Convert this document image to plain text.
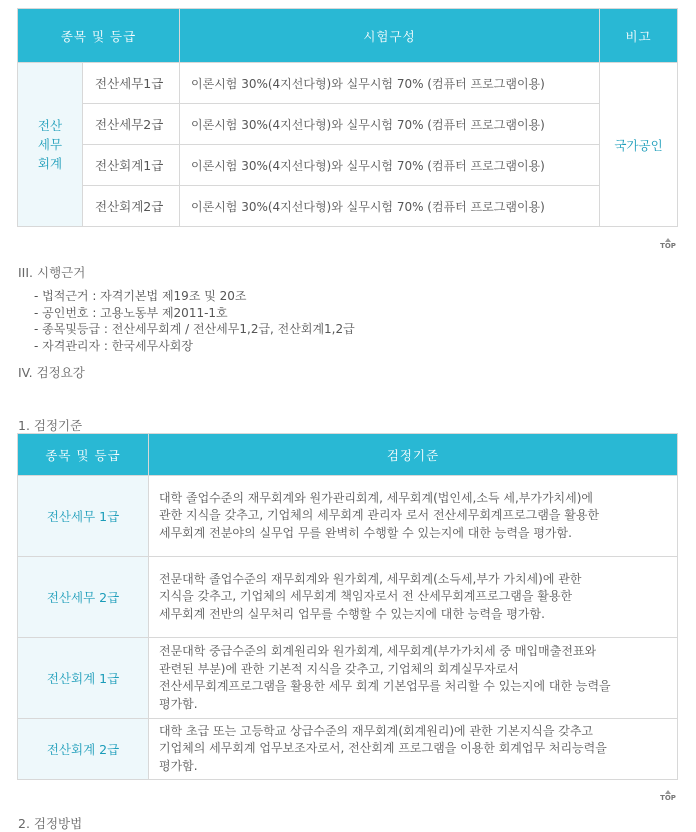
종목 및 등급		시험구성	비고
전산
세무
회계	전산세무1급	이론시험 30%(4지선다형)와 실무시험 70% (컴퓨터 프로그램이용)	국가공인
	전산세무2급	이론시험 30%(4지선다형)와 실무시험 70% (컴퓨터 프로그램이용)	
	전산회계1급	이론시험 30%(4지선다형)와 실무시험 70% (컴퓨터 프로그램이용)	
	전산회계2급	이론시험 30%(4지선다형)와 실무시험 70% (컴퓨터 프로그램이용)	
TOP
III. 시행근거
- 법적근거 : 자격기본법 제19조 및 20조
- 공인번호 : 고용노동부 제2011-1호
- 종목및등급 : 전산세무회계 / 전산세무1,2급, 전산회계1,2급
- 자격관리자 : 한국세무사회장
IV. 검정요강
1. 검정기준
종목 및 등급	검정기준
전산세무 1급	대학 졸업수준의 재무회계와 원가관리회계, 세무회계(법인세,소득 세,부가가치세)에
관한 지식을 갖추고, 기업체의 세무회계 관리자 로서 전산세무회계프로그램을 활용한
세무회계 전분야의 실무업 무를 완벽히 수행할 수 있는지에 대한 능력을 평가함.

전산세무 2급	전문대학 졸업수준의 재무회계와 원가회계, 세무회계(소득세,부가 가치세)에 관한
지식을 갖추고, 기업체의 세무회계 책임자로서 전 산세무회계프로그램을 활용한
세무회계 전반의 실무처리 업무를 수행할 수 있는지에 대한 능력을 평가함.

전산회계 1급	전문대학 중급수준의 회계원리와 원가회계, 세무회계(부가가치세 중 매입매출전표와
관련된 부분)에 관한 기본적 지식을 갖추고, 기업체의 회계실무자로서
전산세무회계프로그램을 활용한 세무 회계 기본업무를 처리할 수 있는지에 대한 능력을
평가함.

전산회계 2급	대학 초급 또는 고등학교 상급수준의 재무회계(회계원리)에 관한 기본지식을 갖추고
기업체의 세무회계 업무보조자로서, 전산회계 프로그램을 이용한 회계업무 처리능력을
평가함.
TOP
2. 검정방법
